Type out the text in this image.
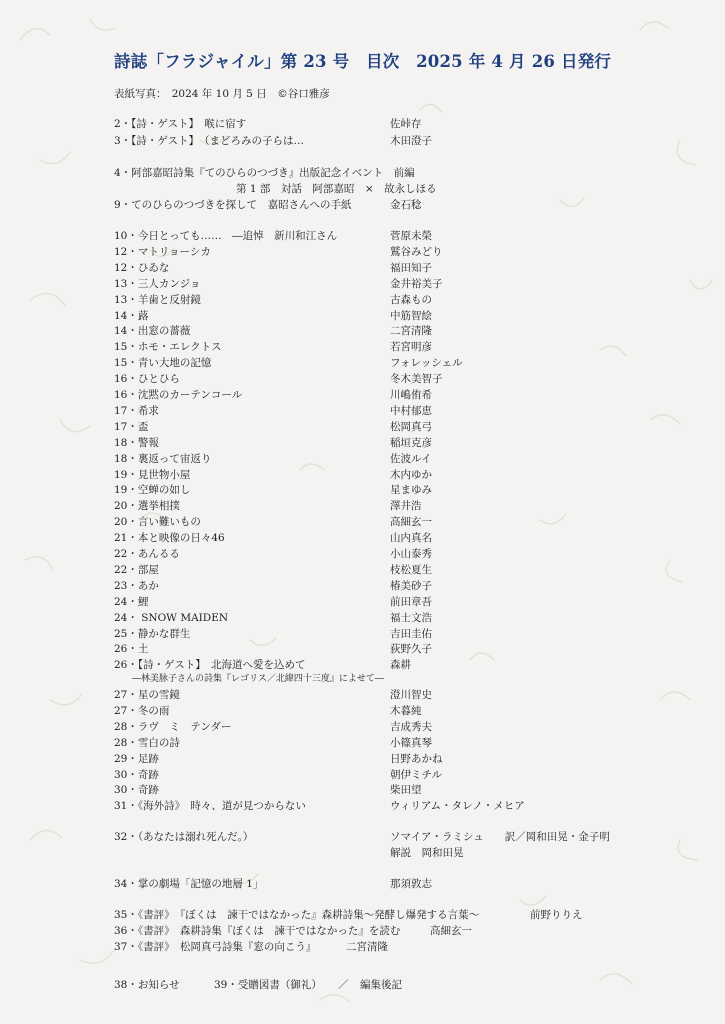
詩誌「フラジャイル」第 23 号　目次　2025 年 4 月 26 日発行
表紙写真：　2024 年 10 月 5 日　©谷口雅彦
2・【詩・ゲスト】　喉に宿す	佐峠存
3・【詩・ゲスト】　（まどろみの子らは…	木田澄子
4・阿部嘉昭詩集『てのひらのつづき』出版記念イベント　前編
第 1 部　対話　阿部嘉昭　×　故永しほる
9・てのひらのつづきを探して　嘉昭さんへの手紙	金石稔
10・今日とっても……　―追悼　新川和江さん	菅原未榮
12・マトリョーシカ	鷲谷みどり
12・ひゐな	福田知子
13・三人カンジョ	金井裕美子
13・羊歯と反射鏡	古森もの
14・蕗	中筋智絵
14・出窓の薔薇	二宮清隆
15・ホモ・エレクトス	若宮明彦
15・青い大地の記憶	フォレッシェル
16・ひとひら	冬木美智子
16・沈黙のカーテンコール	川嶋侑希
17・希求	中村郁恵
17・盃	松岡真弓
18・警報	稲垣克彦
18・裏返って宙返り	佐波ルイ
19・見世物小屋	木内ゆか
19・空蝉の如し	星まゆみ
20・選挙相撲	澤井浩
20・言い難いもの	高細玄一
21・本と映像の日々46	山内真名
22・あんるる	小山泰秀
22・部屋	枝松夏生
23・あか	椿美砂子
24・鯉	前田章吾
24・ SNOW MAIDEN	福士文浩
25・静かな群生	吉田圭佑
26・土	荻野久子
26・【詩・ゲスト】　北海道へ愛を込めて	森耕
―林美脉子さんの詩集『レゴリス／北緯四十三度』によせて―
27・星の雪鏡	澄川智史
27・冬の雨	木暮純
28・ラヴ　ミ　テンダー	吉成秀夫
28・雪白の詩	小篠真琴
29・足跡	日野あかね
30・奇跡	朝伊ミチル
30・奇跡	柴田望
31・《海外詩》　時々、道が見つからない	ウィリアム・タレノ・メヒア
32・（あなたは溺れ死んだ。）	ソマイア・ラミシュ　　訳／岡和田晃・金子明
解説　岡和田晃
34・掌の劇場「記憶の地層 1」	那須敦志
35・《書評》　『ぼくは　諫干ではなかった』森耕詩集～発酵し爆発する言葉～	前野りりえ
36・《書評》　森耕詩集『ぼくは　諫干ではなかった』を読む	高細玄一
37・《書評》　松岡真弓詩集『窓の向こう』	二宮清隆
38・お知らせ	39・受贈図書（御礼） ／ 編集後記
